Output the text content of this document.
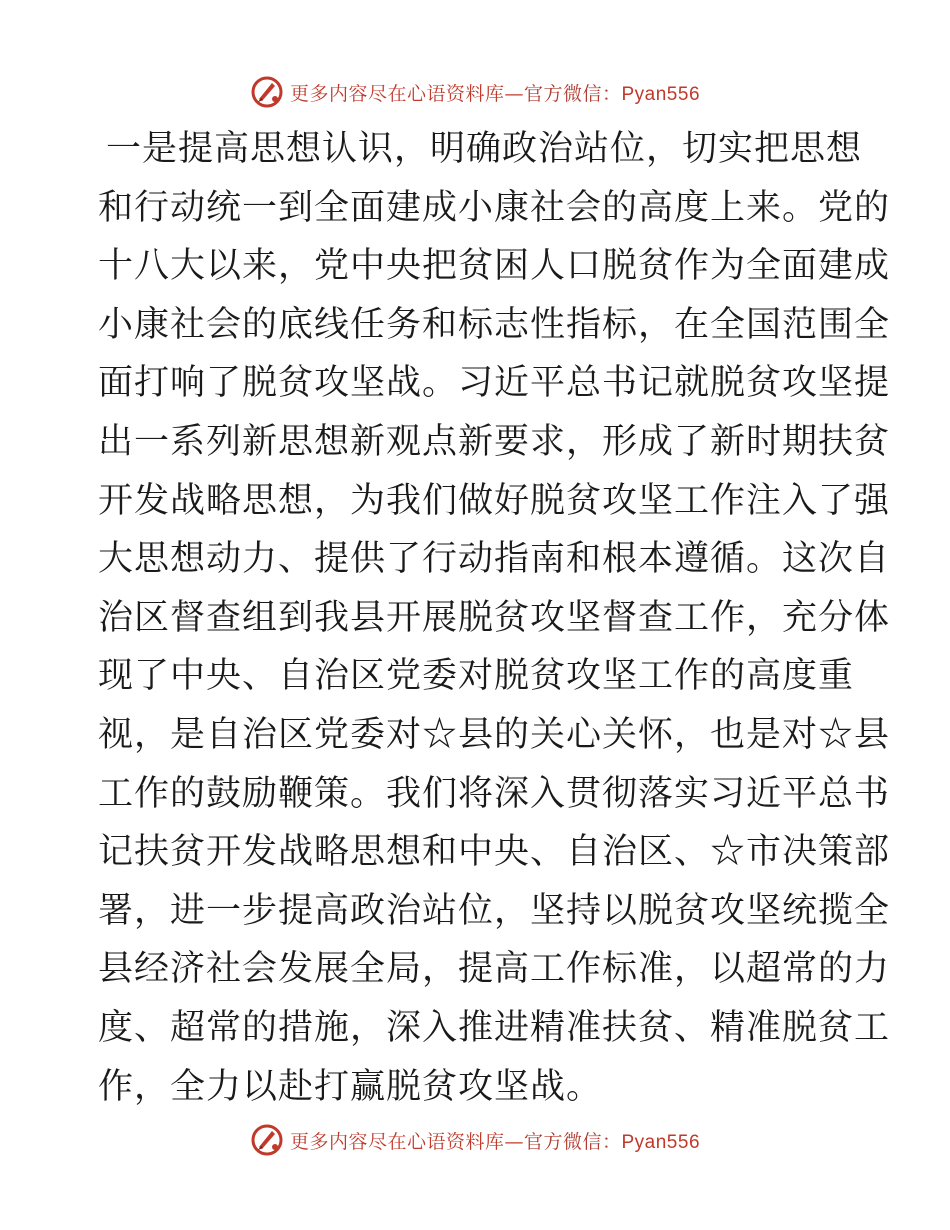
更多内容尽在心语资料库—官方微信：Pyan556
一是提高思想认识，明确政治站位，切实把思想
和行动统一到全面建成小康社会的高度上来。党的
十八大以来，党中央把贫困人口脱贫作为全面建成
小康社会的底线任务和标志性指标，在全国范围全
面打响了脱贫攻坚战。习近平总书记就脱贫攻坚提
出一系列新思想新观点新要求，形成了新时期扶贫
开发战略思想，为我们做好脱贫攻坚工作注入了强
大思想动力、提供了行动指南和根本遵循。这次自
治区督查组到我县开展脱贫攻坚督查工作，充分体
现了中央、自治区党委对脱贫攻坚工作的高度重
视，是自治区党委对☆县的关心关怀，也是对☆县
工作的鼓励鞭策。我们将深入贯彻落实习近平总书
记扶贫开发战略思想和中央、自治区、☆市决策部
署，进一步提高政治站位，坚持以脱贫攻坚统揽全
县经济社会发展全局，提高工作标准，以超常的力
度、超常的措施，深入推进精准扶贫、精准脱贫工
作，全力以赴打赢脱贫攻坚战。
更多内容尽在心语资料库—官方微信：Pyan556
